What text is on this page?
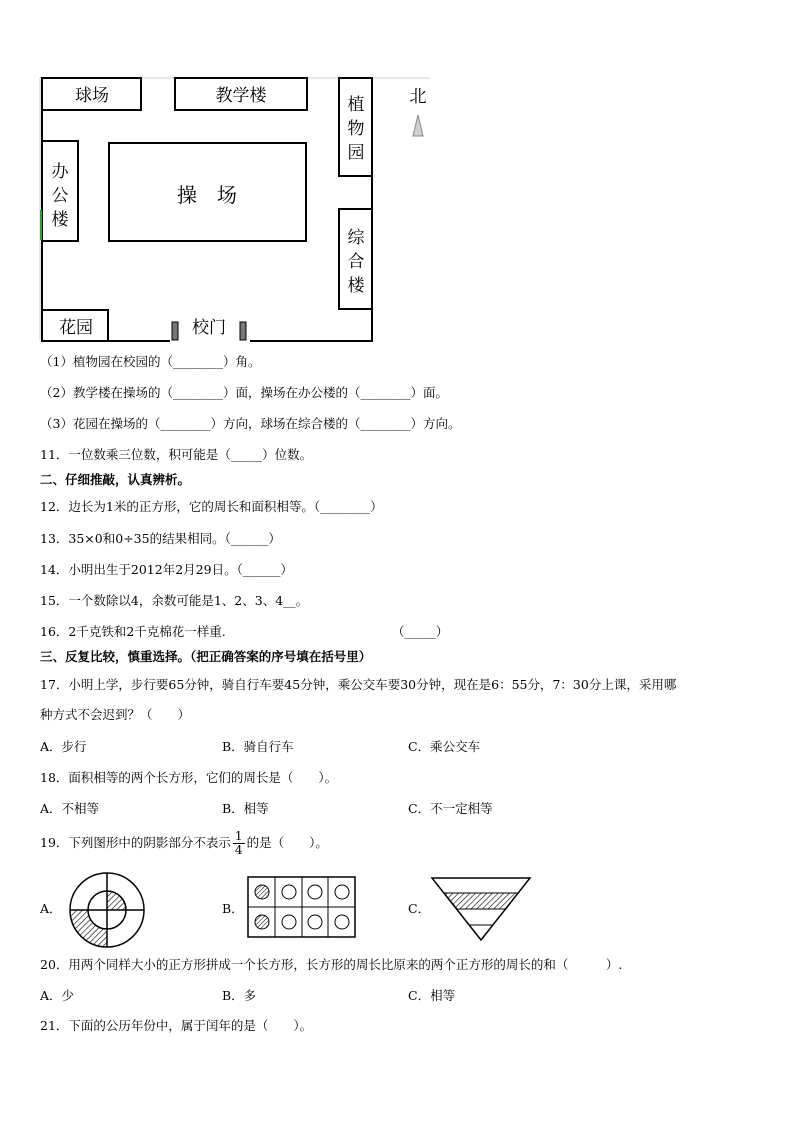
球场	教学楼	北
植
物
园
办
公
楼
操　场
综
合
楼
花园	校门
（1）植物园在校园的（________）角。
（2）教学楼在操场的（________）面，操场在办公楼的（________）面。
（3）花园在操场的（________）方向，球场在综合楼的（________）方向。
11．一位数乘三位数，积可能是（_____）位数。
二、仔细推敲，认真辨析。
12．边长为1米的正方形，它的周长和面积相等。（________）
13．35×0和0÷35的结果相同。（______）
14．小明出生于2012年2月29日。（______）
15．一个数除以4，余数可能是1、2、3、4__。
16．2千克铁和2千克棉花一样重.	（_____）
三、反复比较，慎重选择。（把正确答案的序号填在括号里）
17．小明上学，步行要65分钟，骑自行车要45分钟，乘公交车要30分钟，现在是6：55分，7：30分上课，采用哪
种方式不会迟到？（　　）
A．步行	B．骑自行车	C．乘公交车
18．面积相等的两个长方形，它们的周长是（　　）。
A．不相等	B．相等	C．不一定相等
19．下列图形中的阴影部分不表示 $\frac{1}{4}$ 的是（　　）。
A．	B．	C．
20．用两个同样大小的正方形拼成一个长方形，长方形的周长比原来的两个正方形的周长的和（　　　）.
A．少	B．多	C．相等
21．下面的公历年份中，属于闰年的是（　　）。
